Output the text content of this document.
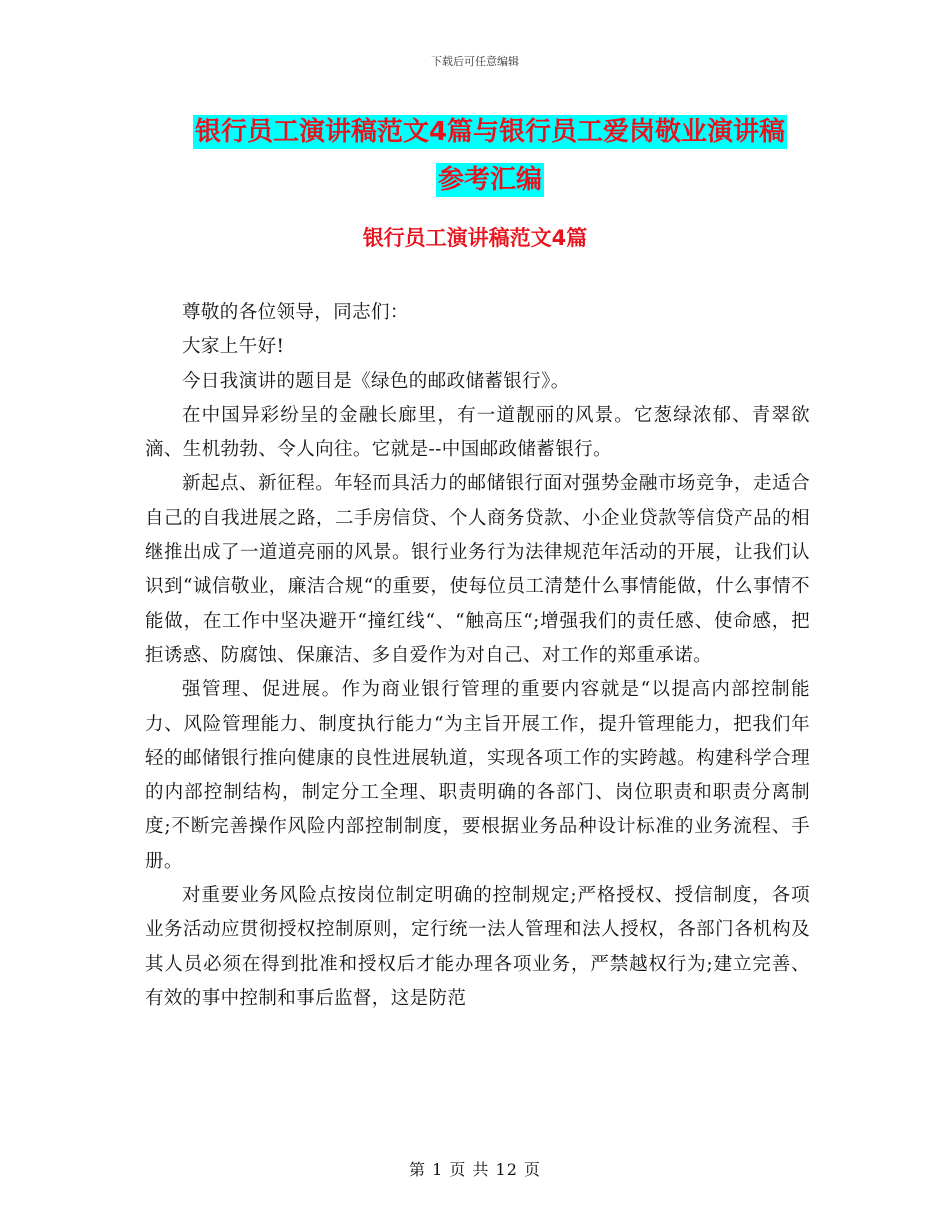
下载后可任意编辑
银行员工演讲稿范文4篇与银行员工爱岗敬业演讲稿
参考汇编
银行员工演讲稿范文4篇

尊敬的各位领导，同志们：

大家上午好!

今日我演讲的题目是《绿色的邮政储蓄银行》。

在中国异彩纷呈的金融长廊里，有一道靓丽的风景。它葱绿浓郁、青翠欲滴、生机勃勃、令人向往。它就是--中国邮政储蓄银行。

新起点、新征程。年轻而具活力的邮储银行面对强势金融市场竞争，走适合自己的自我进展之路，二手房信贷、个人商务贷款、小企业贷款等信贷产品的相继推出成了一道道亮丽的风景。银行业务行为法律规范年活动的开展，让我们认识到“诚信敬业，廉洁合规“的重要，使每位员工清楚什么事情能做，什么事情不能做，在工作中坚决避开“撞红线“、“触高压“;增强我们的责任感、使命感，把拒诱惑、防腐蚀、保廉洁、多自爱作为对自己、对工作的郑重承诺。

强管理、促进展。作为商业银行管理的重要内容就是“以提高内部控制能力、风险管理能力、制度执行能力“为主旨开展工作，提升管理能力，把我们年轻的邮储银行推向健康的良性进展轨道，实现各项工作的实跨越。构建科学合理的内部控制结构，制定分工全理、职责明确的各部门、岗位职责和职责分离制度;不断完善操作风险内部控制制度，要根据业务品种设计标准的业务流程、手册。

对重要业务风险点按岗位制定明确的控制规定;严格授权、授信制度，各项业务活动应贯彻授权控制原则，定行统一法人管理和法人授权，各部门各机构及其人员必须在得到批准和授权后才能办理各项业务，严禁越权行为;建立完善、有效的事中控制和事后监督，这是防范

第 1 页 共 12 页
